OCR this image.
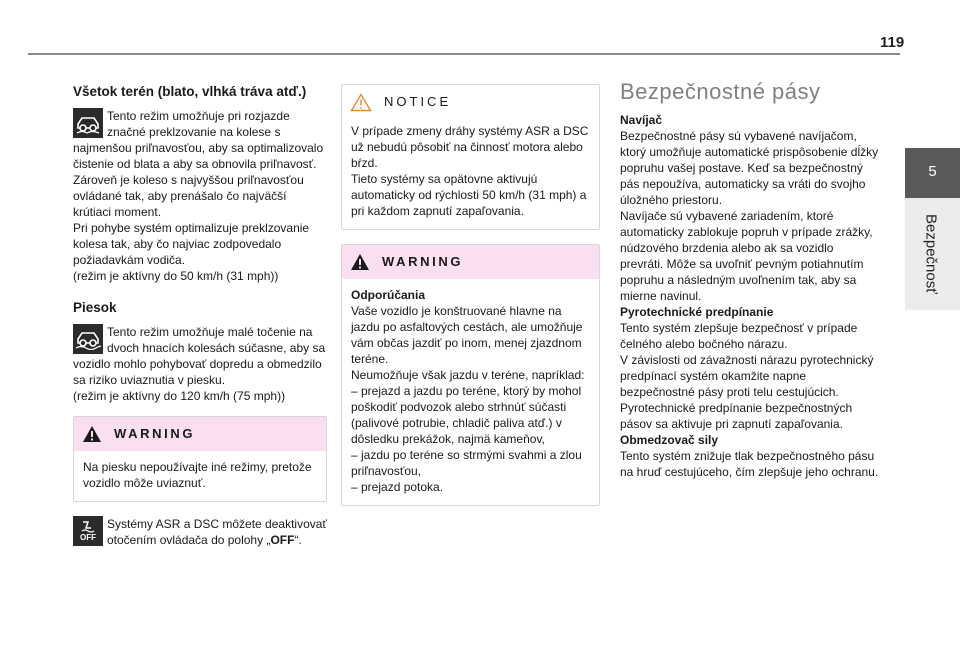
119
5
Bezpečnosť
Všetok terén (blato, vlhká tráva atď.)

Tento režim umožňuje pri rozjazde značné preklzovanie na kolese s najmenšou priľnavosťou, aby sa optimalizovalo čistenie od blata a aby sa obnovila priľnavosť.

Zároveň je koleso s najvyššou priľnavosťou ovládané tak, aby prenášalo čo najväčší krútiaci moment.

Pri pohybe systém optimalizuje preklzovanie kolesa tak, aby čo najviac zodpovedalo požiadavkám vodiča.

(režim je aktívny do 50 km/h (31 mph))

Piesok

Tento režim umožňuje malé točenie na dvoch hnacích kolesách súčasne, aby sa vozidlo mohlo pohybovať dopredu a obmedzilo sa riziko uviaznutia v piesku.

(režim je aktívny do 120 km/h (75 mph))

WARNING

Na piesku nepoužívajte iné režimy, pretože vozidlo môže uviaznuť.

OFF

Systémy ASR a DSC môžete deaktivovať otočením ovládača do polohy „OFF“.

NOTICE

V prípade zmeny dráhy systémy ASR a DSC už nebudú pôsobiť na činnosť motora alebo bŕzd.

Tieto systémy sa opätovne aktivujú automaticky od rýchlosti 50 km/h (31 mph) a pri každom zapnutí zapaľovania.

WARNING

Odporúčania

Vaše vozidlo je konštruované hlavne na jazdu po asfaltových cestách, ale umožňuje vám občas jazdiť po inom, menej zjazdnom teréne.

Neumožňuje však jazdu v teréne, napríklad:

– prejazd a jazdu po teréne, ktorý by mohol poškodiť podvozok alebo strhnúť súčasti (palivové potrubie, chladič paliva atď.) v dôsledku prekážok, najmä kameňov,

– jazdu po teréne so strmými svahmi a zlou priľnavosťou,

– prejazd potoka.

Bezpečnostné pásy

Navíjač

Bezpečnostné pásy sú vybavené navíjačom, ktorý umožňuje automatické prispôsobenie dĺžky popruhu vašej postave. Keď sa bezpečnostný pás nepoužíva, automaticky sa vráti do svojho úložného priestoru.

Navíjače sú vybavené zariadením, ktoré automaticky zablokuje popruh v prípade zrážky, núdzového brzdenia alebo ak sa vozidlo prevráti. Môže sa uvoľniť pevným potiahnutím popruhu a následným uvoľnením tak, aby sa mierne navinul.

Pyrotechnické predpínanie

Tento systém zlepšuje bezpečnosť v prípade čelného alebo bočného nárazu.

V závislosti od závažnosti nárazu pyrotechnický predpínací systém okamžite napne bezpečnostné pásy proti telu cestujúcich.

Pyrotechnické predpínanie bezpečnostných pásov sa aktivuje pri zapnutí zapaľovania.

Obmedzovač sily

Tento systém znižuje tlak bezpečnostného pásu na hruď cestujúceho, čím zlepšuje jeho ochranu.
